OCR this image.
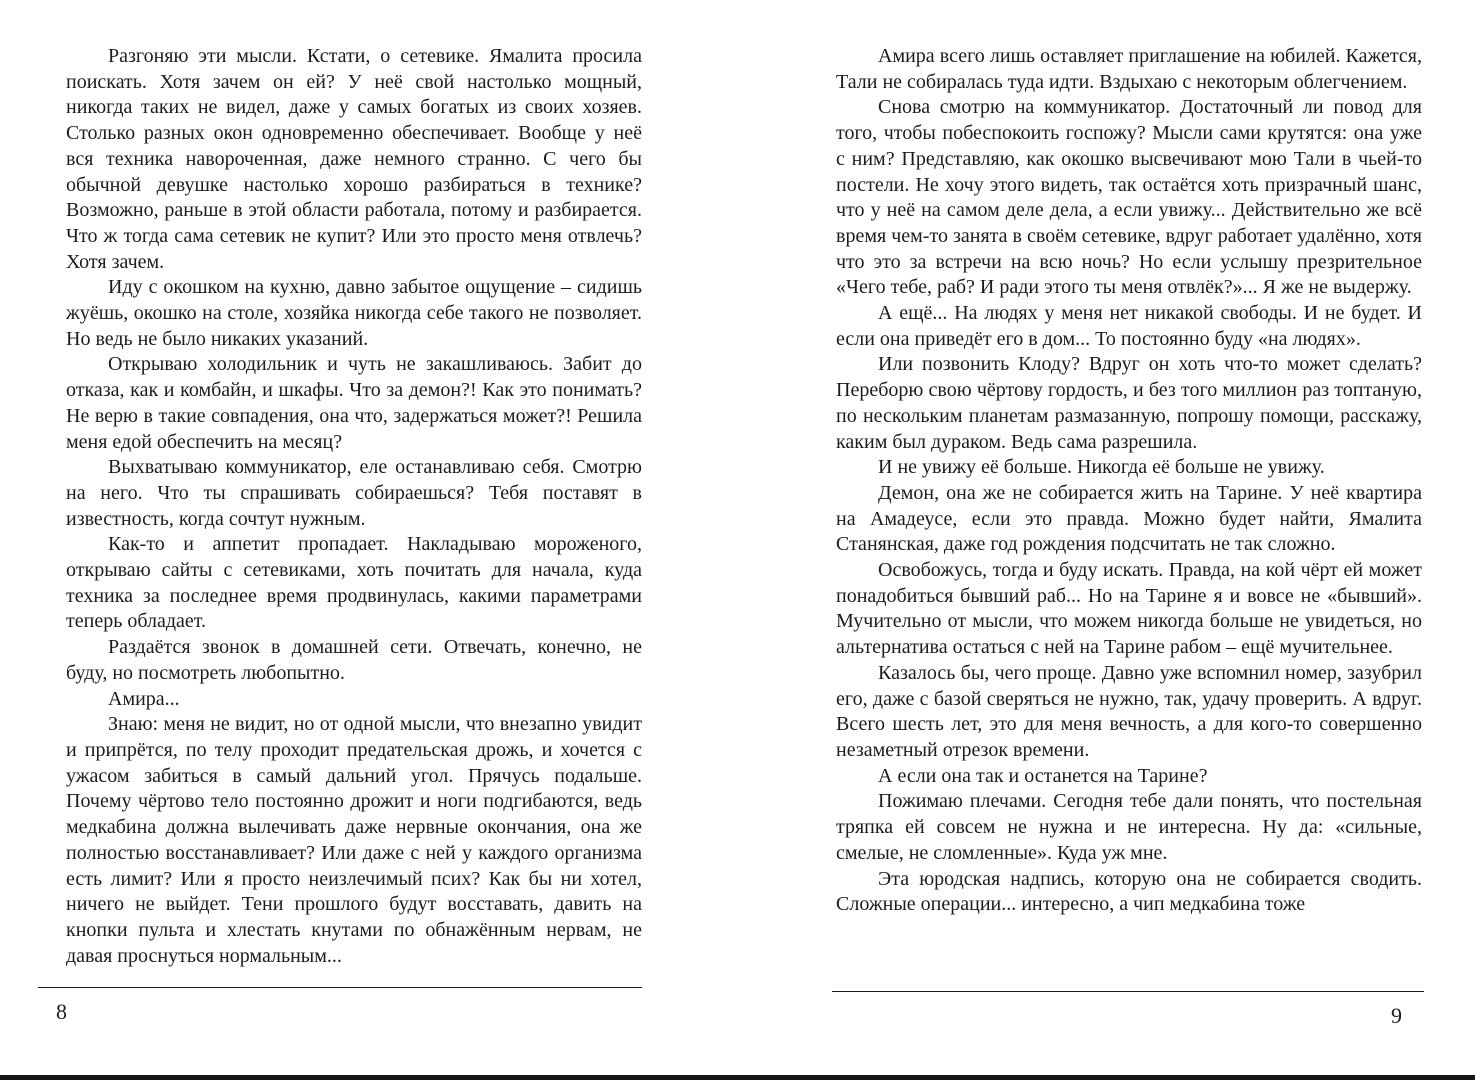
Разгоняю эти мысли. Кстати, о сетевике. Ямалита просила поискать. Хотя зачем он ей? У неё свой настолько мощный, никогда таких не видел, даже у самых богатых из своих хозяев. Столько разных окон одновременно обеспечивает. Вообще у неё вся техника навороченная, даже немного странно. С чего бы обычной девушке настолько хорошо разбираться в технике? Возможно, раньше в этой области работала, потому и разбирается. Что ж тогда сама сетевик не купит? Или это просто меня отвлечь? Хотя зачем.

Иду с окошком на кухню, давно забытое ощущение – сидишь жуёшь, окошко на столе, хозяйка никогда себе такого не позволяет. Но ведь не было никаких указаний.

Открываю холодильник и чуть не закашливаюсь. Забит до отказа, как и комбайн, и шкафы. Что за демон?! Как это понимать? Не верю в такие совпадения, она что, задержаться может?! Решила меня едой обеспечить на месяц?

Выхватываю коммуникатор, еле останавливаю себя. Смотрю на него. Что ты спрашивать собираешься? Тебя поставят в известность, когда сочтут нужным.

Как-то и аппетит пропадает. Накладываю мороженого, открываю сайты с сетевиками, хоть почитать для начала, куда техника за последнее время продвинулась, какими параметрами теперь обладает.

Раздаётся звонок в домашней сети. Отвечать, конечно, не буду, но посмотреть любопытно.

Амира...

Знаю: меня не видит, но от одной мысли, что внезапно увидит и припрётся, по телу проходит предательская дрожь, и хочется с ужасом забиться в самый дальний угол. Прячусь подальше. Почему чёртово тело постоянно дрожит и ноги подгибаются, ведь медкабина должна вылечивать даже нервные окончания, она же полностью восстанавливает? Или даже с ней у каждого организма есть лимит? Или я просто неизлечимый псих? Как бы ни хотел, ничего не выйдет. Тени прошлого будут восставать, давить на кнопки пульта и хлестать кнутами по обнажённым нервам, не давая проснуться нормальным...

8

Амира всего лишь оставляет приглашение на юбилей. Кажется, Тали не собиралась туда идти. Вздыхаю с некоторым облегчением.

Снова смотрю на коммуникатор. Достаточный ли повод для того, чтобы побеспокоить госпожу? Мысли сами крутятся: она уже с ним? Представляю, как окошко высвечивают мою Тали в чьей-то постели. Не хочу этого видеть, так остаётся хоть призрачный шанс, что у неё на самом деле дела, а если увижу... Действительно же всё время чем-то занята в своём сетевике, вдруг работает удалённо, хотя что это за встречи на всю ночь? Но если услышу презрительное «Чего тебе, раб? И ради этого ты меня отвлёк?»... Я же не выдержу.

А ещё... На людях у меня нет никакой свободы. И не будет. И если она приведёт его в дом... То постоянно буду «на людях».

Или позвонить Клоду? Вдруг он хоть что-то может сделать? Переборю свою чёртову гордость, и без того миллион раз топтаную, по нескольким планетам размазанную, попрошу помощи, расскажу, каким был дураком. Ведь сама разрешила.

И не увижу её больше. Никогда её больше не увижу.

Демон, она же не собирается жить на Тарине. У неё квартира на Амадеусе, если это правда. Можно будет найти, Ямалита Станянская, даже год рождения подсчитать не так сложно.

Освобожусь, тогда и буду искать. Правда, на кой чёрт ей может понадобиться бывший раб... Но на Тарине я и вовсе не «бывший». Мучительно от мысли, что можем никогда больше не увидеться, но альтернатива остаться с ней на Тарине рабом – ещё мучительнее.

Казалось бы, чего проще. Давно уже вспомнил номер, зазубрил его, даже с базой сверяться не нужно, так, удачу проверить. А вдруг. Всего шесть лет, это для меня вечность, а для кого-то совершенно незаметный отрезок времени.

А если она так и останется на Тарине?

Пожимаю плечами. Сегодня тебе дали понять, что постельная тряпка ей совсем не нужна и не интересна. Ну да: «сильные, смелые, не сломленные». Куда уж мне.

Эта юродская надпись, которую она не собирается сводить. Сложные операции... интересно, а чип медкабина тоже

9
